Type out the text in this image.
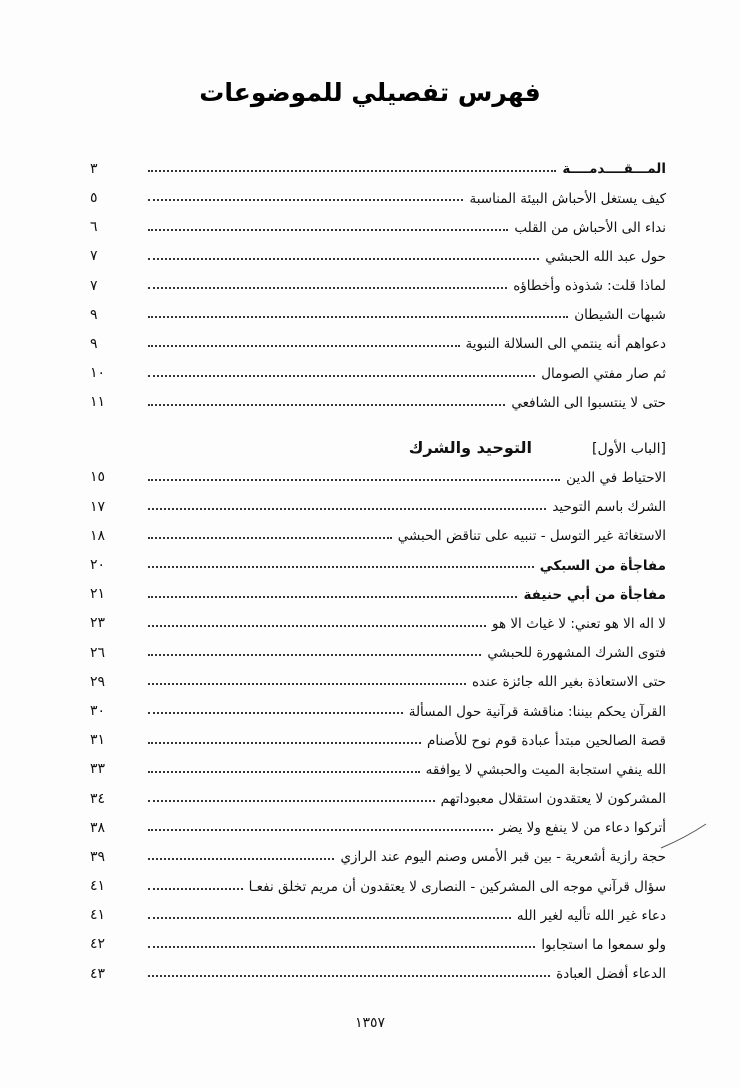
فهرس تفصيلي للموضوعات
المـــقــــدمــــة
٣
كيف يستغل الأحباش البيئة المناسبة
٥
نداء الى الأحباش من القلب
٦
حول عبد الله الحبشي
٧
لماذا قلت: شذوذه وأخطاؤه
٧
شبهات الشيطان
٩
دعواهم أنه ينتمي الى السلالة النبوية
٩
ثم صار مفتي الصومال
١٠
حتى لا ينتسبوا الى الشافعي
١١
[الباب الأول]
التوحيد والشرك
الاحتياط في الدين
١٥
الشرك باسم التوحيد
١٧
الاستغاثة غير التوسل - تنبيه على تناقض الحبشي
١٨
مفاجأة من السبكي
٢٠
مفاجأة من أبي حنيفة
٢١
لا اله الا هو تعني: لا غياث الا هو
٢٣
فتوى الشرك المشهورة للحبشي
٢٦
حتى الاستعاذة بغير الله جائزة عنده
٢٩
القرآن يحكم بيننا: مناقشة قرآنية حول المسألة
٣٠
قصة الصالحين مبتدأ عبادة قوم نوح للأصنام
٣١
الله ينفي استجابة الميت والحبشي لا يوافقه
٣٣
المشركون لا يعتقدون استقلال معبوداتهم
٣٤
أتركوا دعاء من لا ينفع ولا يضر
٣٨
حجة رازية أشعرية - بين قبر الأمس وصنم اليوم عند الرازي
٣٩
سؤال قرآني موجه الى المشركين - النصارى لا يعتقدون أن مريم تخلق نفعـا
٤١
دعاء غير الله تأليه لغير الله
٤١
ولو سمعوا ما استجابوا
٤٢
الدعاء أفضل العبادة
٤٣
١٣٥٧
